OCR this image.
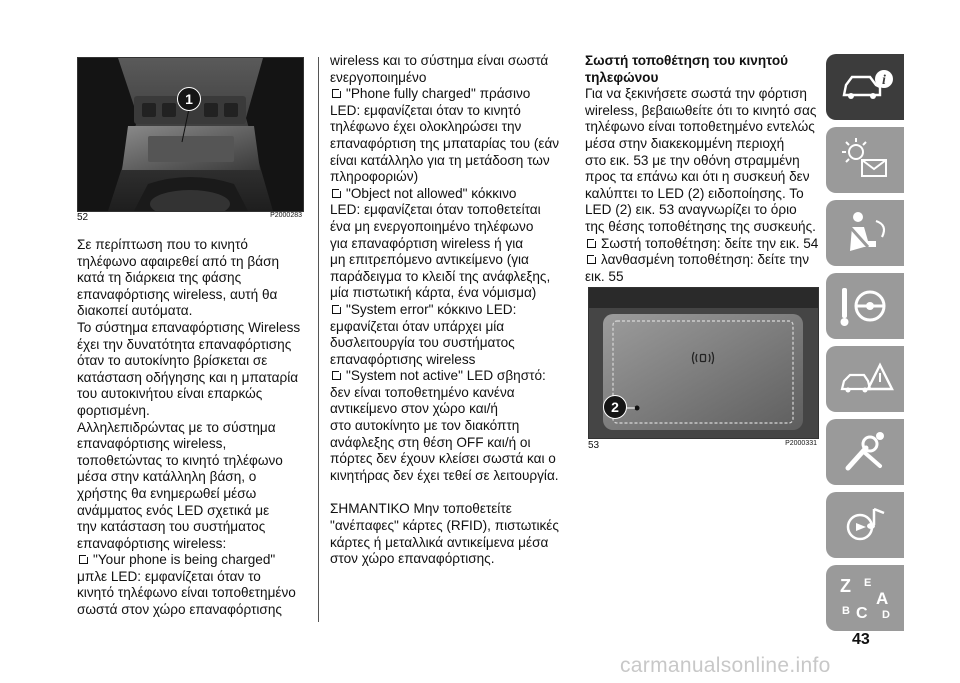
1
52	P2000283

Σε περίπτωση που το κινητό
τηλέφωνο αφαιρεθεί από τη βάση
κατά τη διάρκεια της φάσης
επαναφόρτισης wireless, αυτή θα
διακοπεί αυτόματα.
Το σύστημα επαναφόρτισης Wireless
έχει την δυνατότητα επαναφόρτισης
όταν το αυτοκίνητο βρίσκεται σε
κατάσταση οδήγησης και η μπαταρία
του αυτοκινήτου είναι επαρκώς
φορτισμένη.
Αλληλεπιδρώντας με το σύστημα
επαναφόρτισης wireless,
τοποθετώντας το κινητό τηλέφωνο
μέσα στην κατάλληλη βάση, ο
χρήστης θα ενημερωθεί μέσω
ανάμματος ενός LED σχετικά με
την κατάσταση του συστήματος
επαναφόρτισης wireless:

"Your phone is being charged"
μπλε LED: εμφανίζεται όταν το
κινητό τηλέφωνο είναι τοποθετημένο
σωστά στον χώρο επαναφόρτισης
wireless και το σύστημα είναι σωστά
ενεργοποιημένο
"Phone fully charged" πράσινο
LED: εμφανίζεται όταν το κινητό
τηλέφωνο έχει ολοκληρώσει την
επαναφόρτιση της μπαταρίας του (εάν
είναι κατάλληλο για τη μετάδοση των
πληροφοριών)
"Object not allowed" κόκκινο
LED: εμφανίζεται όταν τοποθετείται
ένα μη ενεργοποιημένο τηλέφωνο
για επαναφόρτιση wireless ή για
μη επιτρεπόμενο αντικείμενο (για
παράδειγμα το κλειδί της ανάφλεξης,
μία πιστωτική κάρτα, ένα νόμισμα)
"System error" κόκκινο LED:
εμφανίζεται όταν υπάρχει μία
δυσλειτουργία του συστήματος
επαναφόρτισης wireless
"System not active" LED σβηστό:
δεν είναι τοποθετημένο κανένα
αντικείμενο στον χώρο και/ή
στο αυτοκίνητο με τον διακόπτη
ανάφλεξης στη θέση OFF και/ή οι
πόρτες δεν έχουν κλείσει σωστά και ο
κινητήρας δεν έχει τεθεί σε λειτουργία.
ΣΗΜΑΝΤΙΚΟ Μην τοποθετείτε
"ανέπαφες" κάρτες (RFID), πιστωτικές
κάρτες ή μεταλλικά αντικείμενα μέσα
στον χώρο επαναφόρτισης.
Σωστή τοποθέτηση του κινητού
τηλεφώνου
Για να ξεκινήσετε σωστά την φόρτιση
wireless, βεβαιωθείτε ότι το κινητό σας
τηλέφωνο είναι τοποθετημένο εντελώς
μέσα στην διακεκομμένη περιοχή
στο εικ. 53 με την οθόνη στραμμένη
προς τα επάνω και ότι η συσκευή δεν
καλύπτει το LED (2) ειδοποίησης. Το
LED (2) εικ. 53 αναγνωρίζει το όριο
της θέσης τοποθέτησης της συσκευής.
Σωστή τοποθέτηση: δείτε την εικ. 54
λανθασμένη τοποθέτηση: δείτε την
εικ. 55
2
53	P2000331
i
Z E
B C
A
D
43
carmanualsonline.info
